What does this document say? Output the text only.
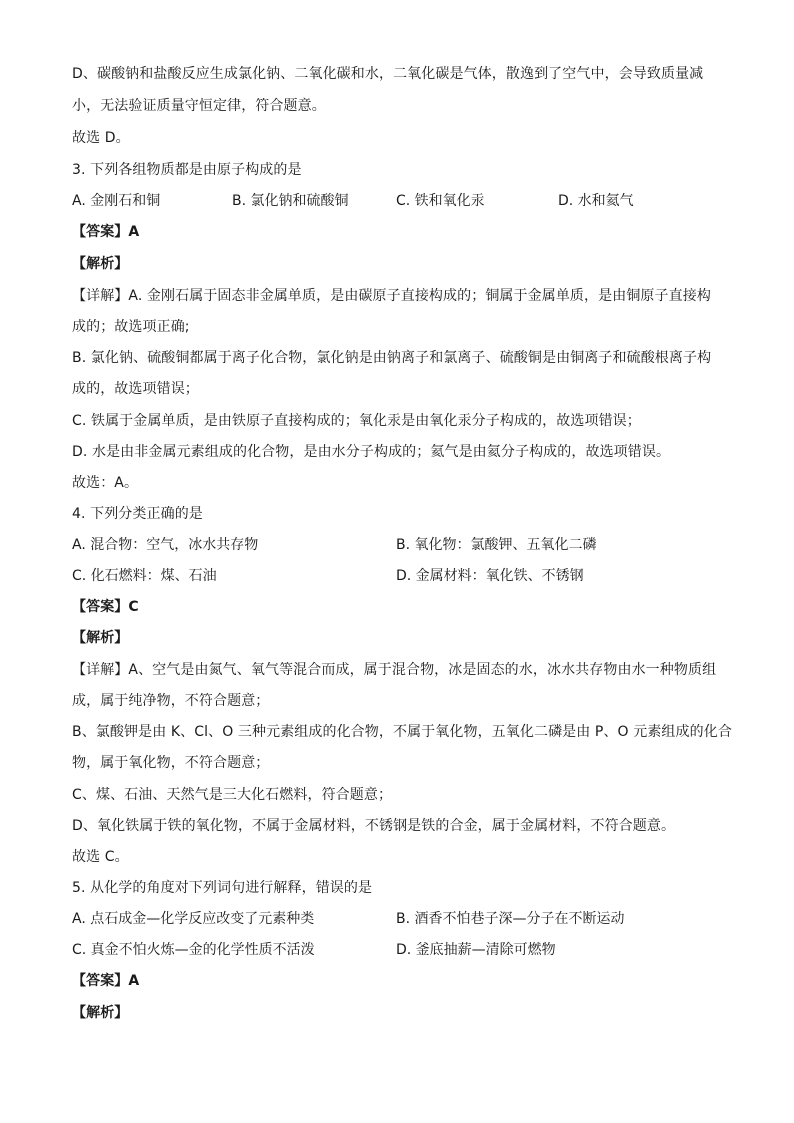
D、碳酸钠和盐酸反应生成氯化钠、二氧化碳和水，二氧化碳是气体，散逸到了空气中，会导致质量减
小，无法验证质量守恒定律，符合题意。
故选 D。
3. 下列各组物质都是由原子构成的是
A. 金刚石和铜	B. 氯化钠和硫酸铜	C. 铁和氧化汞	D. 水和氦气
【答案】A
【解析】
【详解】A. 金刚石属于固态非金属单质，是由碳原子直接构成的；铜属于金属单质，是由铜原子直接构
成的；故选项正确;
B. 氯化钠、硫酸铜都属于离子化合物，氯化钠是由钠离子和氯离子、硫酸铜是由铜离子和硫酸根离子构
成的，故选项错误；
C. 铁属于金属单质，是由铁原子直接构成的；氧化汞是由氧化汞分子构成的，故选项错误；
D. 水是由非金属元素组成的化合物，是由水分子构成的；氦气是由氦分子构成的，故选项错误。
故选：A。
4. 下列分类正确的是
A. 混合物：空气，冰水共存物	B. 氧化物：氯酸钾、五氧化二磷
C. 化石燃料：煤、石油	D. 金属材料：氧化铁、不锈钢
【答案】C
【解析】
【详解】A、空气是由氮气、氧气等混合而成，属于混合物，冰是固态的水，冰水共存物由水一种物质组
成，属于纯净物，不符合题意；
B、氯酸钾是由 K、Cl、O 三种元素组成的化合物，不属于氧化物，五氧化二磷是由 P、O 元素组成的化合
物，属于氧化物，不符合题意；
C、煤、石油、天然气是三大化石燃料，符合题意；
D、氧化铁属于铁的氧化物，不属于金属材料，不锈钢是铁的合金，属于金属材料，不符合题意。
故选 C。
5. 从化学的角度对下列词句进行解释，错误的是
A. 点石成金—化学反应改变了元素种类	B. 酒香不怕巷子深—分子在不断运动
C. 真金不怕火炼—金的化学性质不活泼	D. 釜底抽薪—清除可燃物
【答案】A
【解析】
